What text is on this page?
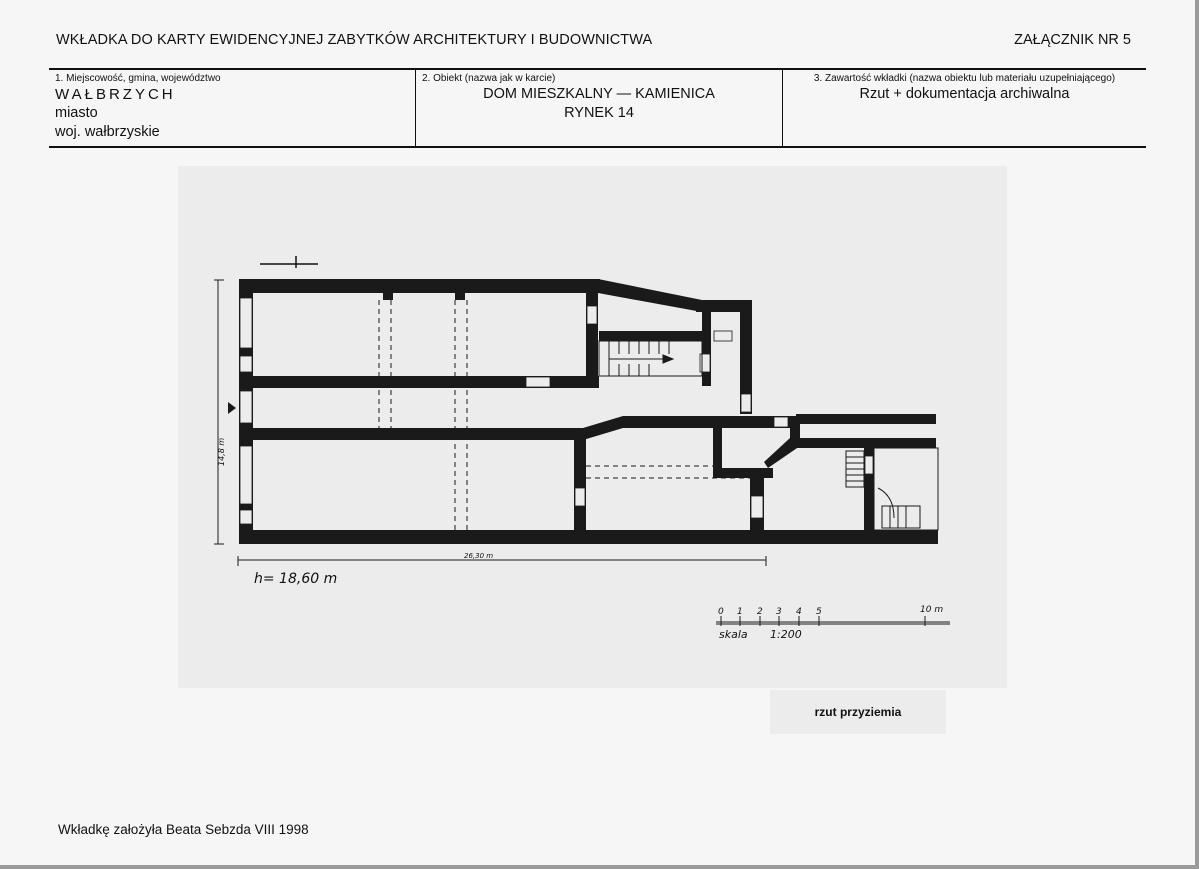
WKŁADKA DO KARTY EWIDENCYJNEJ ZABYTKÓW ARCHITEKTURY I BUDOWNICTWA	ZAŁĄCZNIK NR 5
1. Miejscowość, gmina, województwo
WAŁBRZYCH
miasto
woj. wałbrzyskie
2. Obiekt (nazwa jak w karcie)
DOM MIESZKALNY — KAMIENICA
RYNEK 14
3. Zawartość wkładki (nazwa obiektu lub materiału uzupełniającego)
Rzut + dokumentacja archiwalna
14,8 m
26,30 m
h= 18,60 m
0 1 2 3 4 5	10 m
skala 1:200
rzut przyziemia
Wkładkę założyła Beata Sebzda VIII 1998
